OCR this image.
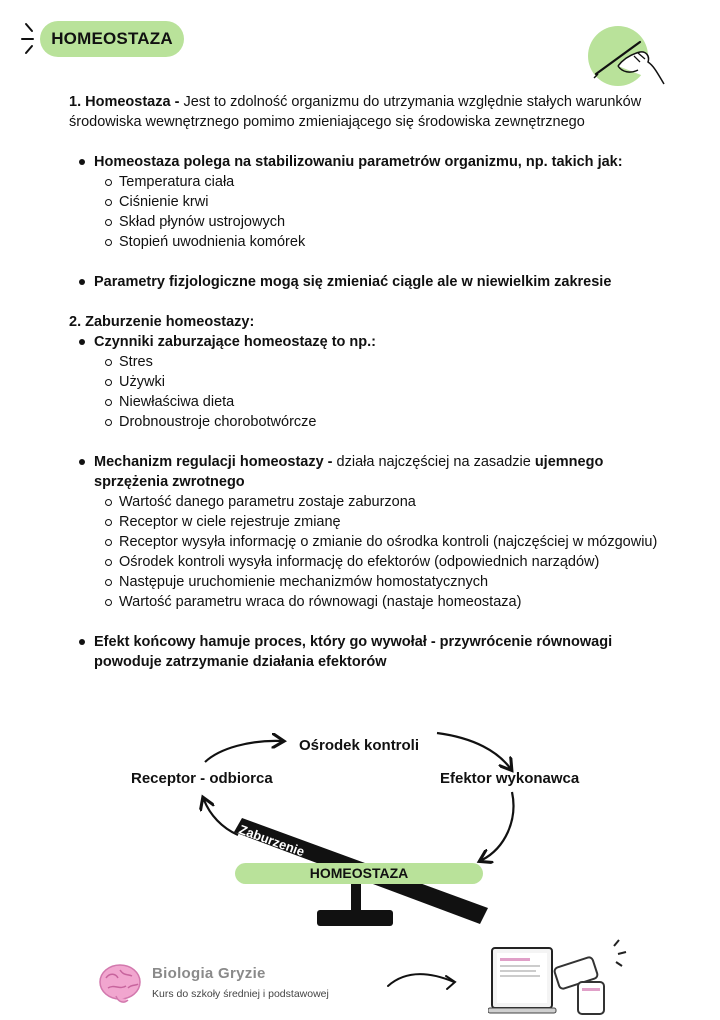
HOMEOSTAZA

1. Homeostaza - Jest to zdolność organizmu do utrzymania względnie stałych warunków środowiska wewnętrznego pomimo zmieniającego się środowiska zewnętrznego

Homeostaza polega na stabilizowaniu parametrów organizmu, np. takich jak:
Temperatura ciała
Ciśnienie krwi
Skład płynów ustrojowych
Stopień uwodnienia komórek
Parametry fizjologiczne mogą się zmieniać ciągle ale w niewielkim zakresie

2. Zaburzenie homeostazy:

Czynniki zaburzające homeostazę to np.:
Stres
Używki
Niewłaściwa dieta
Drobnoustroje chorobotwórcze
Mechanizm regulacji homeostazy - działa najczęściej na zasadzie ujemnego sprzężenia zwrotnego
Wartość danego parametru zostaje zaburzona
Receptor w ciele rejestruje zmianę
Receptor wysyła informację o zmianie do ośrodka kontroli (najczęściej w mózgowiu)
Ośrodek kontroli wysyła informację do efektorów (odpowiednich narządów)
Następuje uruchomienie mechanizmów homostatycznych
Wartość parametru wraca do równowagi (nastaje homeostaza)
Efekt końcowy hamuje proces, który go wywołał - przywrócenie równowagi powoduje zatrzymanie działania efektorów
Ośrodek kontroli
Receptor - odbiorca	Efektor wykonawca
Zaburzenie
HOMEOSTAZA
Biologia Gryzie
Kurs do szkoły średniej i podstawowej
